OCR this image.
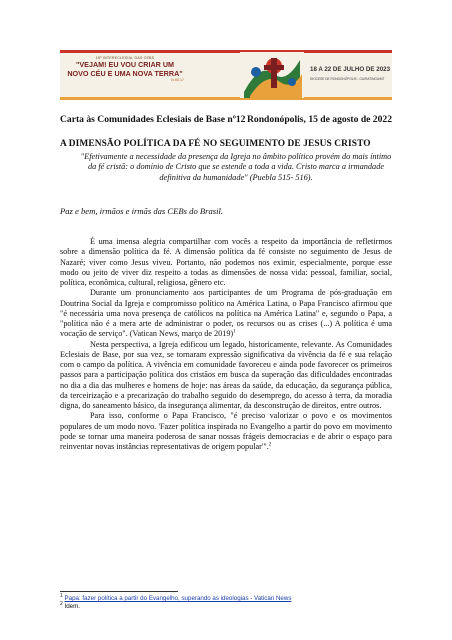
15º INTERECLESIAL DAS CEBS
"VEJAM! EU VOU CRIAR UM
NOVO CÉU E UMA NOVA TERRA"
Is 65,17
18 A 22 DE JULHO DE 2023
DIOCESE DE RONDONÓPOLIS - GUIRATINGA/MT
Carta às Comunidades Eclesiais de Base nº12 Rondonópolis, 15 de agosto de 2022
A DIMENSÃO POLÍTICA DA FÉ NO SEGUIMENTO DE JESUS CRISTO
"Efetivamente a necessidade da presença da Igreja no âmbito político provém do mais íntimo da fé cristã: o domínio de Cristo que se estende a toda a vida. Cristo marca a irmandade definitiva da humanidade" (Puebla 515- 516).
Paz e bem, irmãos e irmãs das CEBs do Brasil.

É uma imensa alegria compartilhar com vocês a respeito da importância de refletirmos sobre a dimensão política da fé. A dimensão política da fé consiste no seguimento de Jesus de Nazaré; viver como Jesus viveu. Portanto, não podemos nos eximir, especialmente, porque esse modo ou jeito de viver diz respeito a todas as dimensões de nossa vida: pessoal, familiar, social, política, econômica, cultural, religiosa, gênero etc.

Durante um pronunciamento aos participantes de um Programa de pós-graduação em Doutrina Social da Igreja e compromisso político na América Latina, o Papa Francisco afirmou que "é necessária uma nova presença de católicos na política na América Latina" e, segundo o Papa, a "política não é a mera arte de administrar o poder, os recursos ou as crises (...) A política é uma vocação de serviço". (Vatican News, março de 2019)$^1$

Nesta perspectiva, a Igreja edificou um legado, historicamente, relevante. As Comunidades Eclesiais de Base, por sua vez, se tornaram expressão significativa da vivência da fé e sua relação com o campo da política. A vivência em comunidade favoreceu e ainda pode favorecer os primeiros passos para a participação política dos cristãos em busca da superação das dificuldades encontradas no dia a dia das mulheres e homens de hoje: nas áreas da saúde, da educação, da segurança pública, da terceirização e a precarização do trabalho seguido do desemprego, do acesso à terra, da moradia digna, do saneamento básico, da insegurança alimentar, da desconstrução de direitos, entre outros.

Para isso, conforme o Papa Francisco, "é preciso valorizar o povo e os movimentos populares de um modo novo. 'Fazer política inspirada no Evangelho a partir do povo em movimento pode se tornar uma maneira poderosa de sanar nossas frágeis democracias e de abrir o espaço para reinventar novas instâncias representativas de origem popular'".$^2$

$^1$ Papa: fazer política a partir do Evangelho, superando as ideologias - Vatican News
$^2$ Idem.
